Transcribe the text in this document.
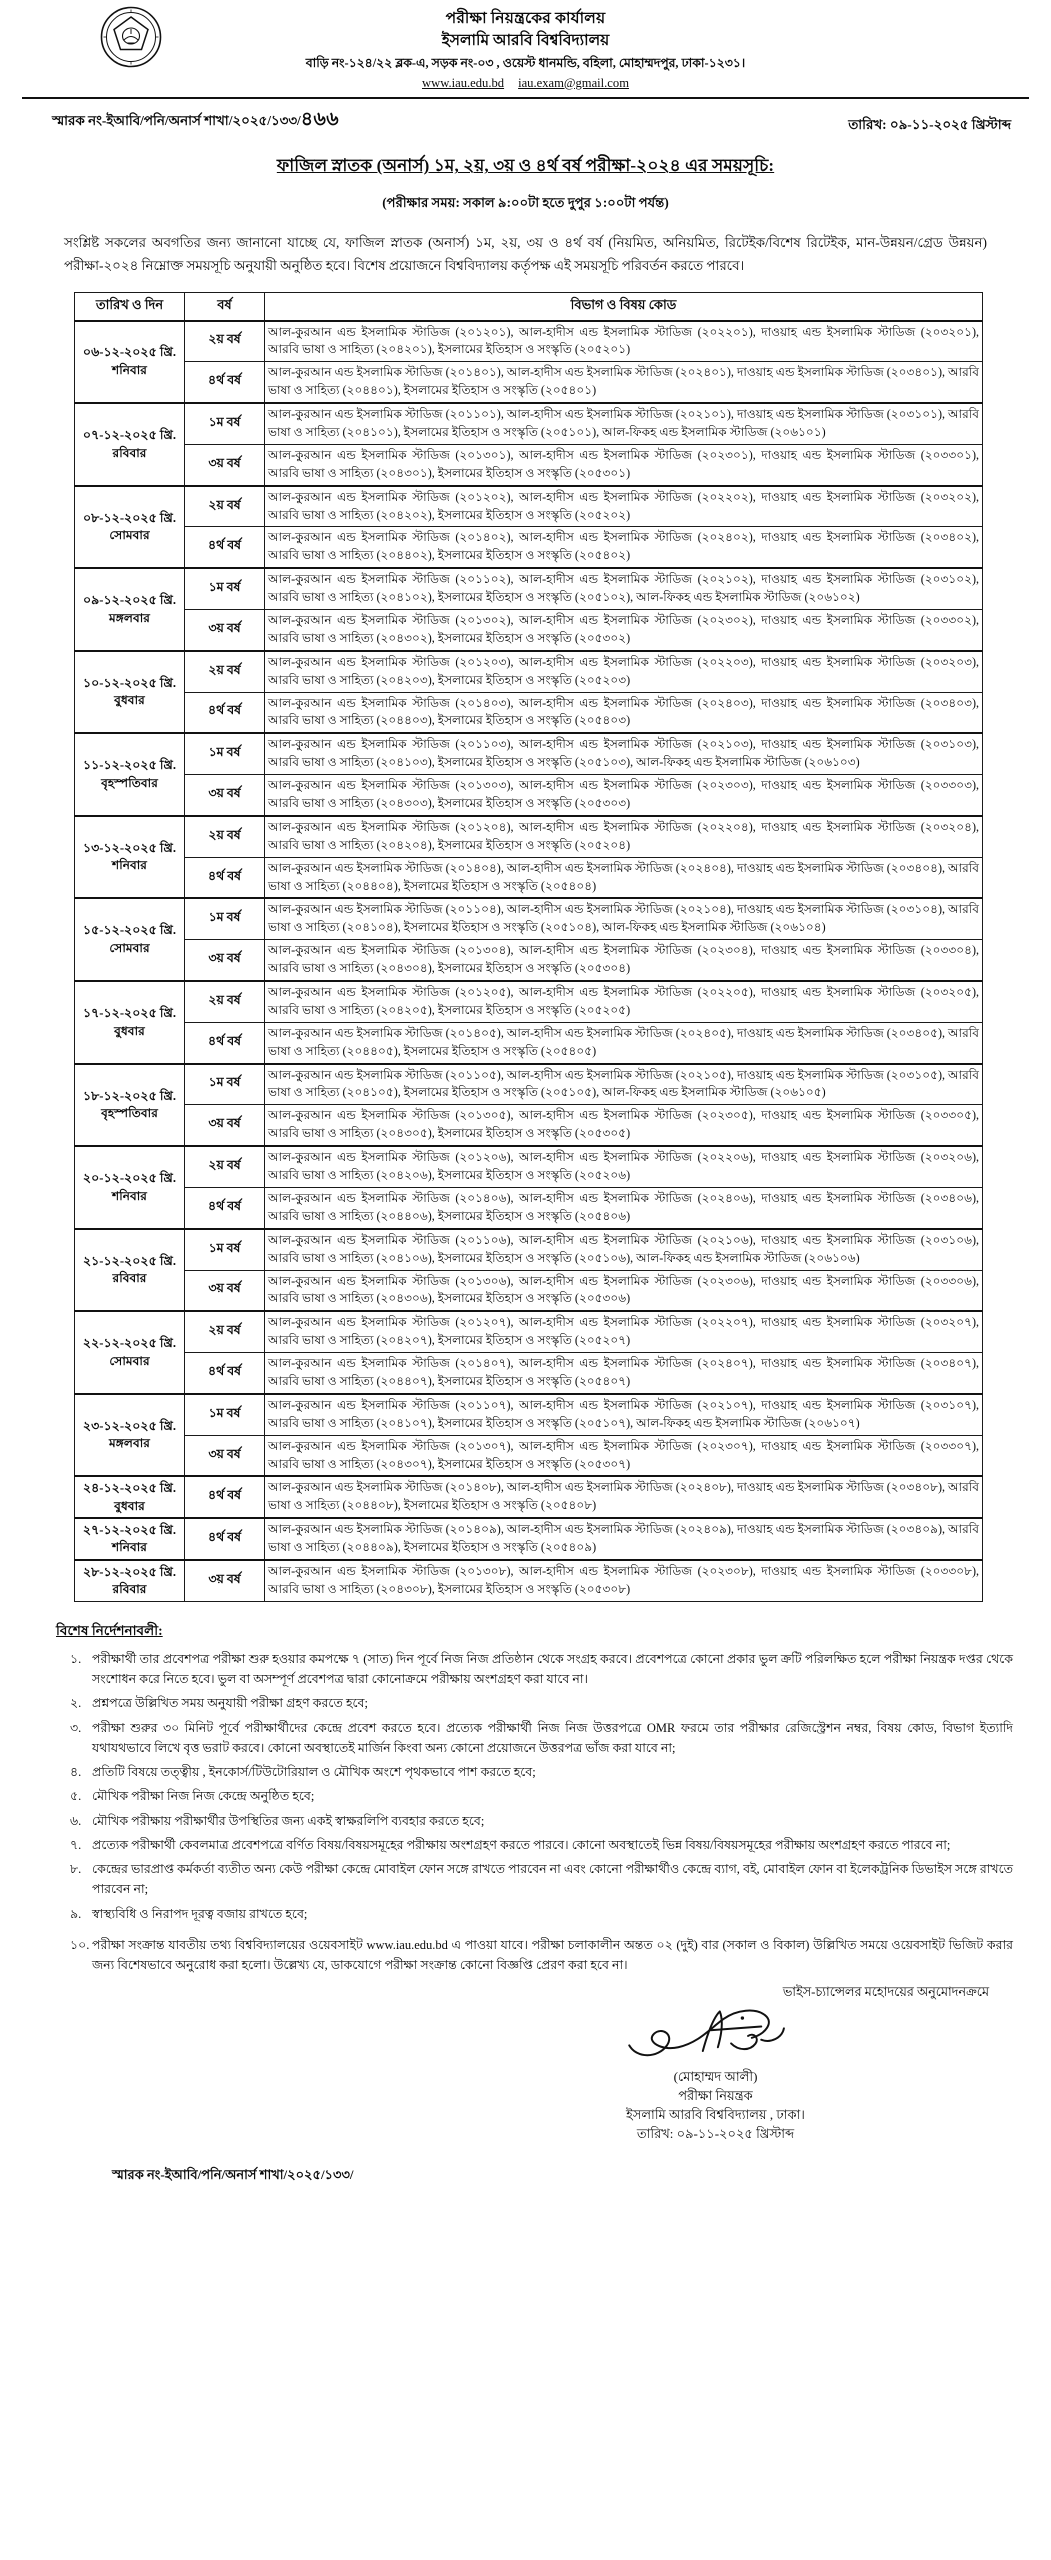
পরীক্ষা নিয়ন্ত্রকের কার্যালয়
ইসলামি আরবি বিশ্ববিদ্যালয়
বাড়ি নং-১২৪/২২ ব্লক-এ, সড়ক নং-০৩ , ওয়েস্ট ধানমন্ডি, বহিলা, মোহাম্মদপুর, ঢাকা-১২৩১।
www.iau.edu.bd iau.exam@gmail.com
স্মারক নং-ইআবি/পনি/অনার্স শাখা/২০২৫/১৩৩/৪৬৬	তারিখ: ০৯-১১-২০২৫ খ্রিস্টাব্দ
ফাজিল স্নাতক (অনার্স) ১ম, ২য়, ৩য় ও ৪র্থ বর্ষ পরীক্ষা-২০২৪ এর সময়সূচি:
(পরীক্ষার সময়: সকাল ৯:০০টা হতে দুপুর ১:০০টা পর্যন্ত)
সংশ্লিষ্ট সকলের অবগতির জন্য জানানো যাচ্ছে যে, ফাজিল স্নাতক (অনার্স) ১ম, ২য়, ৩য় ও ৪র্থ বর্ষ (নিয়মিত, অনিয়মিত, রিটেইক/বিশেষ রিটেইক, মান-উন্নয়ন/গ্রেড উন্নয়ন) পরীক্ষা-২০২৪ নিম্নোক্ত সময়সূচি অনুযায়ী অনুষ্ঠিত হবে। বিশেষ প্রয়োজনে বিশ্ববিদ্যালয় কর্তৃপক্ষ এই সময়সূচি পরিবর্তন করতে পারবে।
তারিখ ও দিন	বর্ষ	বিভাগ ও বিষয় কোড
০৬-১২-২০২৫ খ্রি.
শনিবার	২য় বর্ষ	আল-কুরআন এন্ড ইসলামিক স্টাডিজ (২০১২০১), আল-হাদীস এন্ড ইসলামিক স্টাডিজ (২০২২০১), দাওয়াহ এন্ড ইসলামিক স্টাডিজ (২০৩২০১), আরবি ভাষা ও সাহিত্য (২০৪২০১), ইসলামের ইতিহাস ও সংস্কৃতি (২০৫২০১)
	৪র্থ বর্ষ	আল-কুরআন এন্ড ইসলামিক স্টাডিজ (২০১৪০১), আল-হাদীস এন্ড ইসলামিক স্টাডিজ (২০২৪০১), দাওয়াহ এন্ড ইসলামিক স্টাডিজ (২০৩৪০১), আরবি ভাষা ও সাহিত্য (২০৪৪০১), ইসলামের ইতিহাস ও সংস্কৃতি (২০৫৪০১)
০৭-১২-২০২৫ খ্রি.
রবিবার	১ম বর্ষ	আল-কুরআন এন্ড ইসলামিক স্টাডিজ (২০১১০১), আল-হাদীস এন্ড ইসলামিক স্টাডিজ (২০২১০১), দাওয়াহ এন্ড ইসলামিক স্টাডিজ (২০৩১০১), আরবি ভাষা ও সাহিত্য (২০৪১০১), ইসলামের ইতিহাস ও সংস্কৃতি (২০৫১০১), আল-ফিকহ এন্ড ইসলামিক স্টাডিজ (২০৬১০১)
	৩য় বর্ষ	আল-কুরআন এন্ড ইসলামিক স্টাডিজ (২০১৩০১), আল-হাদীস এন্ড ইসলামিক স্টাডিজ (২০২৩০১), দাওয়াহ এন্ড ইসলামিক স্টাডিজ (২০৩৩০১), আরবি ভাষা ও সাহিত্য (২০৪৩০১), ইসলামের ইতিহাস ও সংস্কৃতি (২০৫৩০১)
০৮-১২-২০২৫ খ্রি.
সোমবার	২য় বর্ষ	আল-কুরআন এন্ড ইসলামিক স্টাডিজ (২০১২০২), আল-হাদীস এন্ড ইসলামিক স্টাডিজ (২০২২০২), দাওয়াহ এন্ড ইসলামিক স্টাডিজ (২০৩২০২), আরবি ভাষা ও সাহিত্য (২০৪২০২), ইসলামের ইতিহাস ও সংস্কৃতি (২০৫২০২)
	৪র্থ বর্ষ	আল-কুরআন এন্ড ইসলামিক স্টাডিজ (২০১৪০২), আল-হাদীস এন্ড ইসলামিক স্টাডিজ (২০২৪০২), দাওয়াহ এন্ড ইসলামিক স্টাডিজ (২০৩৪০২), আরবি ভাষা ও সাহিত্য (২০৪৪০২), ইসলামের ইতিহাস ও সংস্কৃতি (২০৫৪০২)
০৯-১২-২০২৫ খ্রি.
মঙ্গলবার	১ম বর্ষ	আল-কুরআন এন্ড ইসলামিক স্টাডিজ (২০১১০২), আল-হাদীস এন্ড ইসলামিক স্টাডিজ (২০২১০২), দাওয়াহ এন্ড ইসলামিক স্টাডিজ (২০৩১০২), আরবি ভাষা ও সাহিত্য (২০৪১০২), ইসলামের ইতিহাস ও সংস্কৃতি (২০৫১০২), আল-ফিকহ এন্ড ইসলামিক স্টাডিজ (২০৬১০২)
	৩য় বর্ষ	আল-কুরআন এন্ড ইসলামিক স্টাডিজ (২০১৩০২), আল-হাদীস এন্ড ইসলামিক স্টাডিজ (২০২৩০২), দাওয়াহ এন্ড ইসলামিক স্টাডিজ (২০৩৩০২), আরবি ভাষা ও সাহিত্য (২০৪৩০২), ইসলামের ইতিহাস ও সংস্কৃতি (২০৫৩০২)
১০-১২-২০২৫ খ্রি.
বুধবার	২য় বর্ষ	আল-কুরআন এন্ড ইসলামিক স্টাডিজ (২০১২০৩), আল-হাদীস এন্ড ইসলামিক স্টাডিজ (২০২২০৩), দাওয়াহ এন্ড ইসলামিক স্টাডিজ (২০৩২০৩), আরবি ভাষা ও সাহিত্য (২০৪২০৩), ইসলামের ইতিহাস ও সংস্কৃতি (২০৫২০৩)
	৪র্থ বর্ষ	আল-কুরআন এন্ড ইসলামিক স্টাডিজ (২০১৪০৩), আল-হাদীস এন্ড ইসলামিক স্টাডিজ (২০২৪০৩), দাওয়াহ এন্ড ইসলামিক স্টাডিজ (২০৩৪০৩), আরবি ভাষা ও সাহিত্য (২০৪৪০৩), ইসলামের ইতিহাস ও সংস্কৃতি (২০৫৪০৩)
১১-১২-২০২৫ খ্রি.
বৃহস্পতিবার	১ম বর্ষ	আল-কুরআন এন্ড ইসলামিক স্টাডিজ (২০১১০৩), আল-হাদীস এন্ড ইসলামিক স্টাডিজ (২০২১০৩), দাওয়াহ এন্ড ইসলামিক স্টাডিজ (২০৩১০৩), আরবি ভাষা ও সাহিত্য (২০৪১০৩), ইসলামের ইতিহাস ও সংস্কৃতি (২০৫১০৩), আল-ফিকহ এন্ড ইসলামিক স্টাডিজ (২০৬১০৩)
	৩য় বর্ষ	আল-কুরআন এন্ড ইসলামিক স্টাডিজ (২০১৩০৩), আল-হাদীস এন্ড ইসলামিক স্টাডিজ (২০২৩০৩), দাওয়াহ এন্ড ইসলামিক স্টাডিজ (২০৩৩০৩), আরবি ভাষা ও সাহিত্য (২০৪৩০৩), ইসলামের ইতিহাস ও সংস্কৃতি (২০৫৩০৩)
১৩-১২-২০২৫ খ্রি.
শনিবার	২য় বর্ষ	আল-কুরআন এন্ড ইসলামিক স্টাডিজ (২০১২০৪), আল-হাদীস এন্ড ইসলামিক স্টাডিজ (২০২২০৪), দাওয়াহ এন্ড ইসলামিক স্টাডিজ (২০৩২০৪), আরবি ভাষা ও সাহিত্য (২০৪২০৪), ইসলামের ইতিহাস ও সংস্কৃতি (২০৫২০৪)
	৪র্থ বর্ষ	আল-কুরআন এন্ড ইসলামিক স্টাডিজ (২০১৪০৪), আল-হাদীস এন্ড ইসলামিক স্টাডিজ (২০২৪০৪), দাওয়াহ এন্ড ইসলামিক স্টাডিজ (২০৩৪০৪), আরবি ভাষা ও সাহিত্য (২০৪৪০৪), ইসলামের ইতিহাস ও সংস্কৃতি (২০৫৪০৪)
১৫-১২-২০২৫ খ্রি.
সোমবার	১ম বর্ষ	আল-কুরআন এন্ড ইসলামিক স্টাডিজ (২০১১০৪), আল-হাদীস এন্ড ইসলামিক স্টাডিজ (২০২১০৪), দাওয়াহ এন্ড ইসলামিক স্টাডিজ (২০৩১০৪), আরবি ভাষা ও সাহিত্য (২০৪১০৪), ইসলামের ইতিহাস ও সংস্কৃতি (২০৫১০৪), আল-ফিকহ এন্ড ইসলামিক স্টাডিজ (২০৬১০৪)
	৩য় বর্ষ	আল-কুরআন এন্ড ইসলামিক স্টাডিজ (২০১৩০৪), আল-হাদীস এন্ড ইসলামিক স্টাডিজ (২০২৩০৪), দাওয়াহ এন্ড ইসলামিক স্টাডিজ (২০৩৩০৪), আরবি ভাষা ও সাহিত্য (২০৪৩০৪), ইসলামের ইতিহাস ও সংস্কৃতি (২০৫৩০৪)
১৭-১২-২০২৫ খ্রি.
বুধবার	২য় বর্ষ	আল-কুরআন এন্ড ইসলামিক স্টাডিজ (২০১২০৫), আল-হাদীস এন্ড ইসলামিক স্টাডিজ (২০২২০৫), দাওয়াহ এন্ড ইসলামিক স্টাডিজ (২০৩২০৫), আরবি ভাষা ও সাহিত্য (২০৪২০৫), ইসলামের ইতিহাস ও সংস্কৃতি (২০৫২০৫)
	৪র্থ বর্ষ	আল-কুরআন এন্ড ইসলামিক স্টাডিজ (২০১৪০৫), আল-হাদীস এন্ড ইসলামিক স্টাডিজ (২০২৪০৫), দাওয়াহ এন্ড ইসলামিক স্টাডিজ (২০৩৪০৫), আরবি ভাষা ও সাহিত্য (২০৪৪০৫), ইসলামের ইতিহাস ও সংস্কৃতি (২০৫৪০৫)
১৮-১২-২০২৫ খ্রি.
বৃহস্পতিবার	১ম বর্ষ	আল-কুরআন এন্ড ইসলামিক স্টাডিজ (২০১১০৫), আল-হাদীস এন্ড ইসলামিক স্টাডিজ (২০২১০৫), দাওয়াহ এন্ড ইসলামিক স্টাডিজ (২০৩১০৫), আরবি ভাষা ও সাহিত্য (২০৪১০৫), ইসলামের ইতিহাস ও সংস্কৃতি (২০৫১০৫), আল-ফিকহ এন্ড ইসলামিক স্টাডিজ (২০৬১০৫)
	৩য় বর্ষ	আল-কুরআন এন্ড ইসলামিক স্টাডিজ (২০১৩০৫), আল-হাদীস এন্ড ইসলামিক স্টাডিজ (২০২৩০৫), দাওয়াহ এন্ড ইসলামিক স্টাডিজ (২০৩৩০৫), আরবি ভাষা ও সাহিত্য (২০৪৩০৫), ইসলামের ইতিহাস ও সংস্কৃতি (২০৫৩০৫)
২০-১২-২০২৫ খ্রি.
শনিবার	২য় বর্ষ	আল-কুরআন এন্ড ইসলামিক স্টাডিজ (২০১২০৬), আল-হাদীস এন্ড ইসলামিক স্টাডিজ (২০২২০৬), দাওয়াহ এন্ড ইসলামিক স্টাডিজ (২০৩২০৬), আরবি ভাষা ও সাহিত্য (২০৪২০৬), ইসলামের ইতিহাস ও সংস্কৃতি (২০৫২০৬)
	৪র্থ বর্ষ	আল-কুরআন এন্ড ইসলামিক স্টাডিজ (২০১৪০৬), আল-হাদীস এন্ড ইসলামিক স্টাডিজ (২০২৪০৬), দাওয়াহ এন্ড ইসলামিক স্টাডিজ (২০৩৪০৬), আরবি ভাষা ও সাহিত্য (২০৪৪০৬), ইসলামের ইতিহাস ও সংস্কৃতি (২০৫৪০৬)
২১-১২-২০২৫ খ্রি.
রবিবার	১ম বর্ষ	আল-কুরআন এন্ড ইসলামিক স্টাডিজ (২০১১০৬), আল-হাদীস এন্ড ইসলামিক স্টাডিজ (২০২১০৬), দাওয়াহ এন্ড ইসলামিক স্টাডিজ (২০৩১০৬), আরবি ভাষা ও সাহিত্য (২০৪১০৬), ইসলামের ইতিহাস ও সংস্কৃতি (২০৫১০৬), আল-ফিকহ এন্ড ইসলামিক স্টাডিজ (২০৬১০৬)
	৩য় বর্ষ	আল-কুরআন এন্ড ইসলামিক স্টাডিজ (২০১৩০৬), আল-হাদীস এন্ড ইসলামিক স্টাডিজ (২০২৩০৬), দাওয়াহ এন্ড ইসলামিক স্টাডিজ (২০৩৩০৬), আরবি ভাষা ও সাহিত্য (২০৪৩০৬), ইসলামের ইতিহাস ও সংস্কৃতি (২০৫৩০৬)
২২-১২-২০২৫ খ্রি.
সোমবার	২য় বর্ষ	আল-কুরআন এন্ড ইসলামিক স্টাডিজ (২০১২০৭), আল-হাদীস এন্ড ইসলামিক স্টাডিজ (২০২২০৭), দাওয়াহ এন্ড ইসলামিক স্টাডিজ (২০৩২০৭), আরবি ভাষা ও সাহিত্য (২০৪২০৭), ইসলামের ইতিহাস ও সংস্কৃতি (২০৫২০৭)
	৪র্থ বর্ষ	আল-কুরআন এন্ড ইসলামিক স্টাডিজ (২০১৪০৭), আল-হাদীস এন্ড ইসলামিক স্টাডিজ (২০২৪০৭), দাওয়াহ এন্ড ইসলামিক স্টাডিজ (২০৩৪০৭), আরবি ভাষা ও সাহিত্য (২০৪৪০৭), ইসলামের ইতিহাস ও সংস্কৃতি (২০৫৪০৭)
২৩-১২-২০২৫ খ্রি.
মঙ্গলবার	১ম বর্ষ	আল-কুরআন এন্ড ইসলামিক স্টাডিজ (২০১১০৭), আল-হাদীস এন্ড ইসলামিক স্টাডিজ (২০২১০৭), দাওয়াহ এন্ড ইসলামিক স্টাডিজ (২০৩১০৭), আরবি ভাষা ও সাহিত্য (২০৪১০৭), ইসলামের ইতিহাস ও সংস্কৃতি (২০৫১০৭), আল-ফিকহ এন্ড ইসলামিক স্টাডিজ (২০৬১০৭)
	৩য় বর্ষ	আল-কুরআন এন্ড ইসলামিক স্টাডিজ (২০১৩০৭), আল-হাদীস এন্ড ইসলামিক স্টাডিজ (২০২৩০৭), দাওয়াহ এন্ড ইসলামিক স্টাডিজ (২০৩৩০৭), আরবি ভাষা ও সাহিত্য (২০৪৩০৭), ইসলামের ইতিহাস ও সংস্কৃতি (২০৫৩০৭)
২৪-১২-২০২৫ খ্রি.
বুধবার	৪র্থ বর্ষ	আল-কুরআন এন্ড ইসলামিক স্টাডিজ (২০১৪০৮), আল-হাদীস এন্ড ইসলামিক স্টাডিজ (২০২৪০৮), দাওয়াহ এন্ড ইসলামিক স্টাডিজ (২০৩৪০৮), আরবি ভাষা ও সাহিত্য (২০৪৪০৮), ইসলামের ইতিহাস ও সংস্কৃতি (২০৫৪০৮)
২৭-১২-২০২৫ খ্রি.
শনিবার	৪র্থ বর্ষ	আল-কুরআন এন্ড ইসলামিক স্টাডিজ (২০১৪০৯), আল-হাদীস এন্ড ইসলামিক স্টাডিজ (২০২৪০৯), দাওয়াহ এন্ড ইসলামিক স্টাডিজ (২০৩৪০৯), আরবি ভাষা ও সাহিত্য (২০৪৪০৯), ইসলামের ইতিহাস ও সংস্কৃতি (২০৫৪০৯)
২৮-১২-২০২৫ খ্রি.
রবিবার	৩য় বর্ষ	আল-কুরআন এন্ড ইসলামিক স্টাডিজ (২০১৩০৮), আল-হাদীস এন্ড ইসলামিক স্টাডিজ (২০২৩০৮), দাওয়াহ এন্ড ইসলামিক স্টাডিজ (২০৩৩০৮), আরবি ভাষা ও সাহিত্য (২০৪৩০৮), ইসলামের ইতিহাস ও সংস্কৃতি (২০৫৩০৮)
বিশেষ নির্দেশনাবলী:
১. পরীক্ষার্থী তার প্রবেশপত্র পরীক্ষা শুরু হওয়ার কমপক্ষে ৭ (সাত) দিন পূর্বে নিজ নিজ প্রতিষ্ঠান থেকে সংগ্রহ করবে। প্রবেশপত্রে কোনো প্রকার ভুল ক্রটি পরিলক্ষিত হলে পরীক্ষা নিয়ন্ত্রক দপ্তর থেকে সংশোধন করে নিতে হবে। ভুল বা অসম্পূর্ণ প্রবেশপত্র দ্বারা কোনোক্রমে পরীক্ষায় অংশগ্রহণ করা যাবে না।
২. প্রশ্নপত্রে উল্লিখিত সময় অনুযায়ী পরীক্ষা গ্রহণ করতে হবে;
৩. পরীক্ষা শুরুর ৩০ মিনিট পূর্বে পরীক্ষার্থীদের কেন্দ্রে প্রবেশ করতে হবে। প্রত্যেক পরীক্ষার্থী নিজ নিজ উত্তরপত্রে OMR ফরমে তার পরীক্ষার রেজিস্ট্রেশন নম্বর, বিষয় কোড, বিভাগ ইত্যাদি যথাযথভাবে লিখে বৃত্ত ভরাট করবে। কোনো অবস্থাতেই মার্জিন কিংবা অন্য কোনো প্রয়োজনে উত্তরপত্র ভাঁজ করা যাবে না;
৪. প্রতিটি বিষয়ে তত্ত্বীয় , ইনকোর্স/টিউটোরিয়াল ও মৌখিক অংশে পৃথকভাবে পাশ করতে হবে;
৫. মৌখিক পরীক্ষা নিজ নিজ কেন্দ্রে অনুষ্ঠিত হবে;
৬. মৌখিক পরীক্ষায় পরীক্ষার্থীর উপস্থিতির জন্য একই স্বাক্ষরলিপি ব্যবহার করতে হবে;
৭. প্রত্যেক পরীক্ষার্থী কেবলমাত্র প্রবেশপত্রে বর্ণিত বিষয়/বিষয়সমূহের পরীক্ষায় অংশগ্রহণ করতে পারবে। কোনো অবস্থাতেই ভিন্ন বিষয়/বিষয়সমূহের পরীক্ষায় অংশগ্রহণ করতে পারবে না;
৮. কেন্দ্রের ভারপ্রাপ্ত কর্মকর্তা ব্যতীত অন্য কেউ পরীক্ষা কেন্দ্রে মোবাইল ফোন সঙ্গে রাখতে পারবেন না এবং কোনো পরীক্ষার্থীও কেন্দ্রে ব্যাগ, বই, মোবাইল ফোন বা ইলেকট্রনিক ডিভাইস সঙ্গে রাখতে পারবেন না;
৯. স্বাস্থ্যবিধি ও নিরাপদ দূরত্ব বজায় রাখতে হবে;
১০. পরীক্ষা সংক্রান্ত যাবতীয় তথ্য বিশ্ববিদ্যালয়ের ওয়েবসাইট www.iau.edu.bd এ পাওয়া যাবে। পরীক্ষা চলাকালীন অন্তত ০২ (দুই) বার (সকাল ও বিকাল) উল্লিখিত সময়ে ওয়েবসাইট ভিজিট করার জন্য বিশেষভাবে অনুরোধ করা হলো। উল্লেখ্য যে, ডাকযোগে পরীক্ষা সংক্রান্ত কোনো বিজ্ঞপ্তি প্রেরণ করা হবে না।
ভাইস-চ্যান্সেলর মহোদয়ের অনুমোদনক্রমে
(মোহাম্মদ আলী)
পরীক্ষা নিয়ন্ত্রক
ইসলামি আরবি বিশ্ববিদ্যালয় , ঢাকা।
তারিখ: ০৯-১১-২০২৫ খ্রিস্টাব্দ
স্মারক নং-ইআবি/পনি/অনার্স শাখা/২০২৫/১৩৩/
